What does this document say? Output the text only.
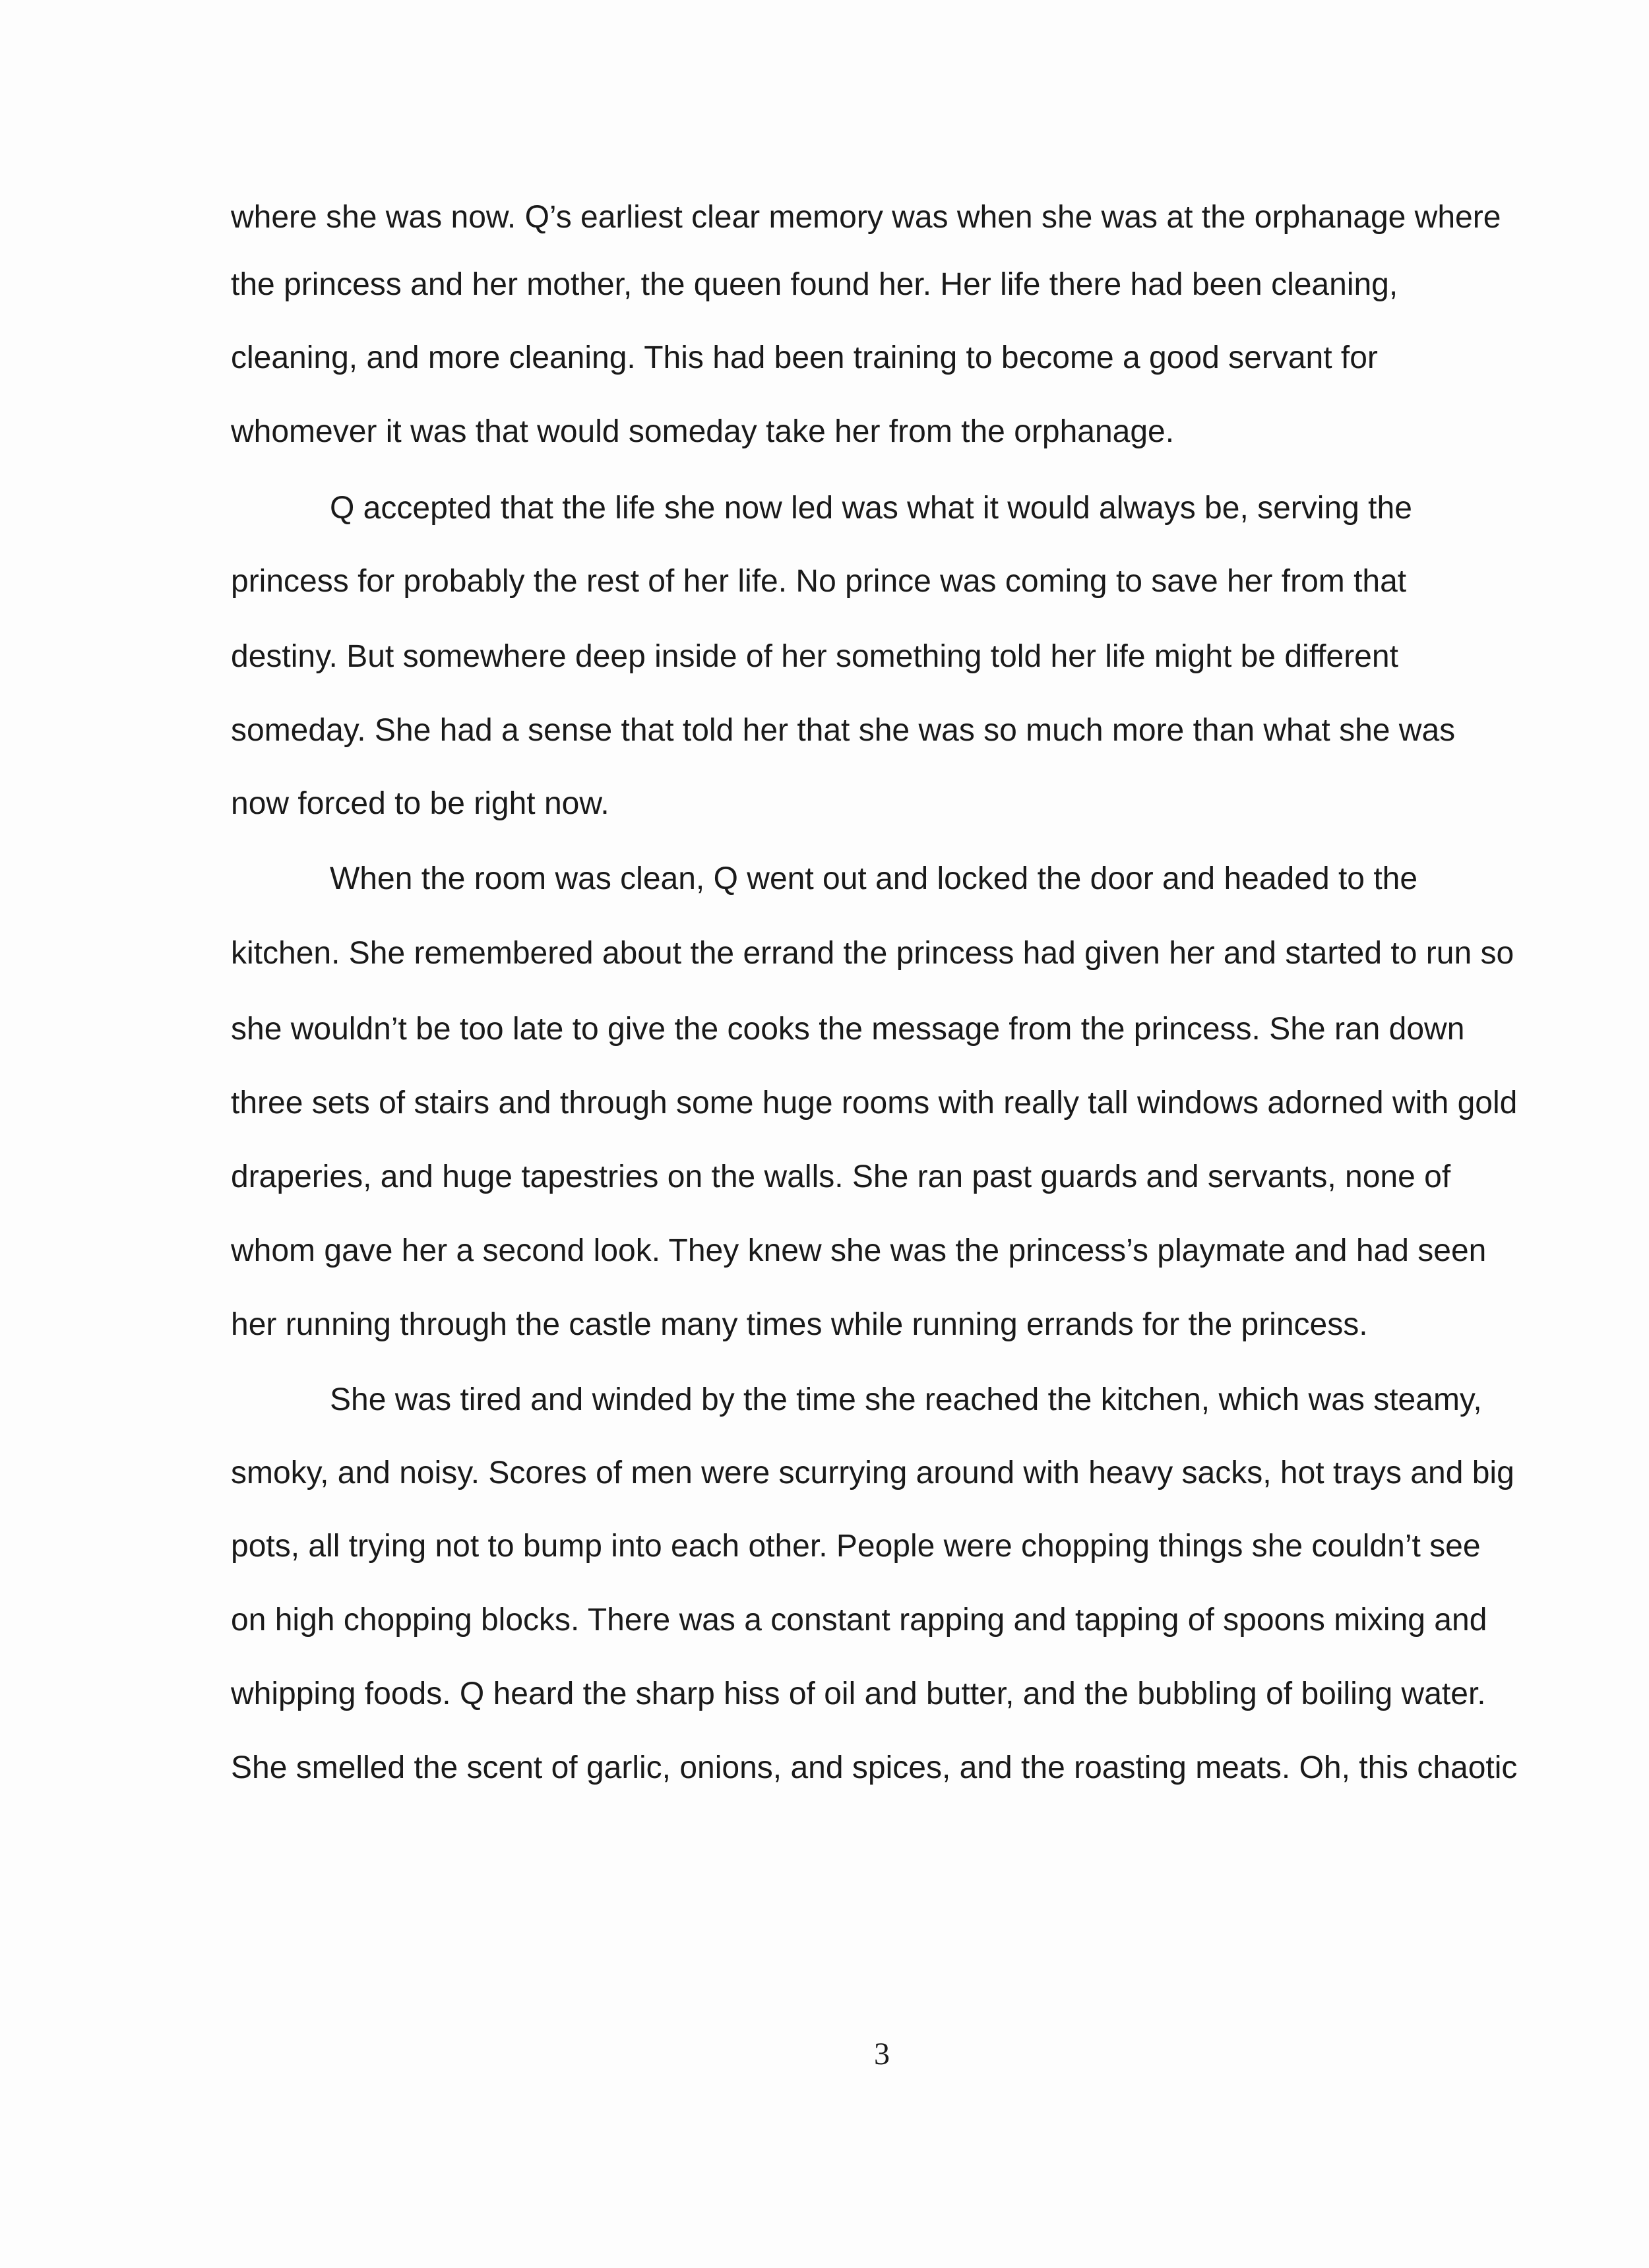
where she was now. Q’s earliest clear memory was when she was at the orphanage where
the princess and her mother, the queen found her. Her life there had been cleaning,
cleaning, and more cleaning. This had been training to become a good servant for
whomever it was that would someday take her from the orphanage.
Q accepted that the life she now led was what it would always be, serving the
princess for probably the rest of her life. No prince was coming to save her from that
destiny. But somewhere deep inside of her something told her life might be different
someday. She had a sense that told her that she was so much more than what she was
now forced to be right now.
When the room was clean, Q went out and locked the door and headed to the
kitchen. She remembered about the errand the princess had given her and started to run so
she wouldn’t be too late to give the cooks the message from the princess. She ran down
three sets of stairs and through some huge rooms with really tall windows adorned with gold
draperies, and huge tapestries on the walls. She ran past guards and servants, none of
whom gave her a second look. They knew she was the princess’s playmate and had seen
her running through the castle many times while running errands for the princess.
She was tired and winded by the time she reached the kitchen, which was steamy,
smoky, and noisy. Scores of men were scurrying around with heavy sacks, hot trays and big
pots, all trying not to bump into each other. People were chopping things she couldn’t see
on high chopping blocks. There was a constant rapping and tapping of spoons mixing and
whipping foods. Q heard the sharp hiss of oil and butter, and the bubbling of boiling water.
She smelled the scent of garlic, onions, and spices, and the roasting meats. Oh, this chaotic
3
